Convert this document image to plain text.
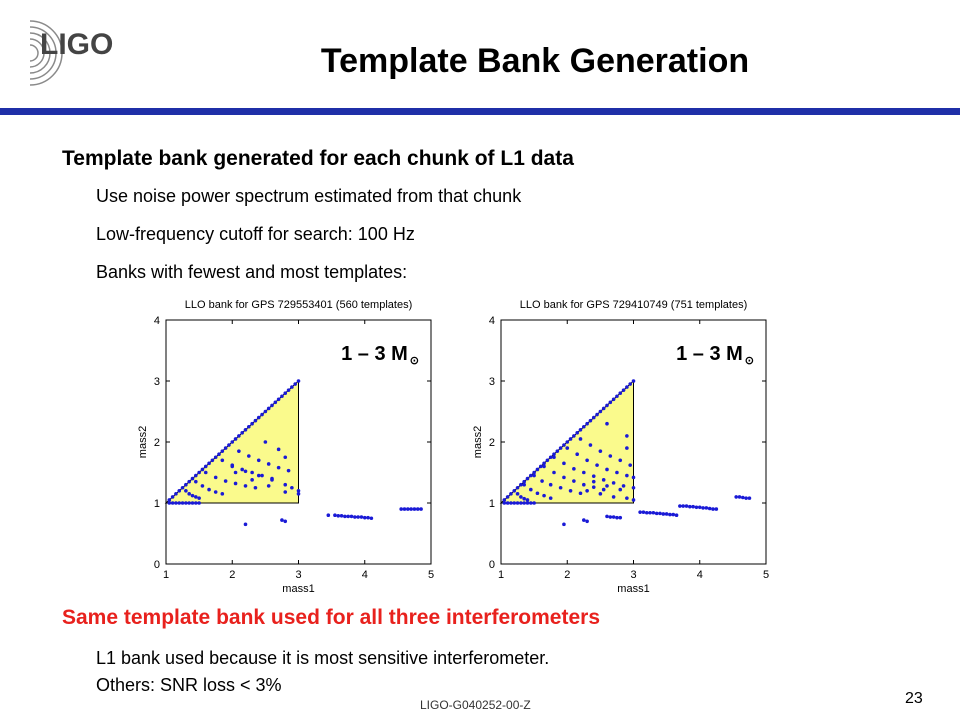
LIGO	Template Bank Generation
Template bank generated for each chunk of L1 data
Use noise power spectrum estimated from that chunk
Low-frequency cutoff for search: 100 Hz
Banks with fewest and most templates:
LLO bank for GPS 729553401 (560 templates)
1	2	3	4	5
0
1
2
3
4
mass1
mass2
1 – 3 M $_⊙$
LLO bank for GPS 729410749 (751 templates)
1	2	3	4	5
0
1
2
3
4
mass1
mass2
1 – 3 M $_⊙$
Same template bank used for all three interferometers
L1 bank used because it is most sensitive interferometer.
Others: SNR loss < 3%
LIGO-G040252-00-Z	23
